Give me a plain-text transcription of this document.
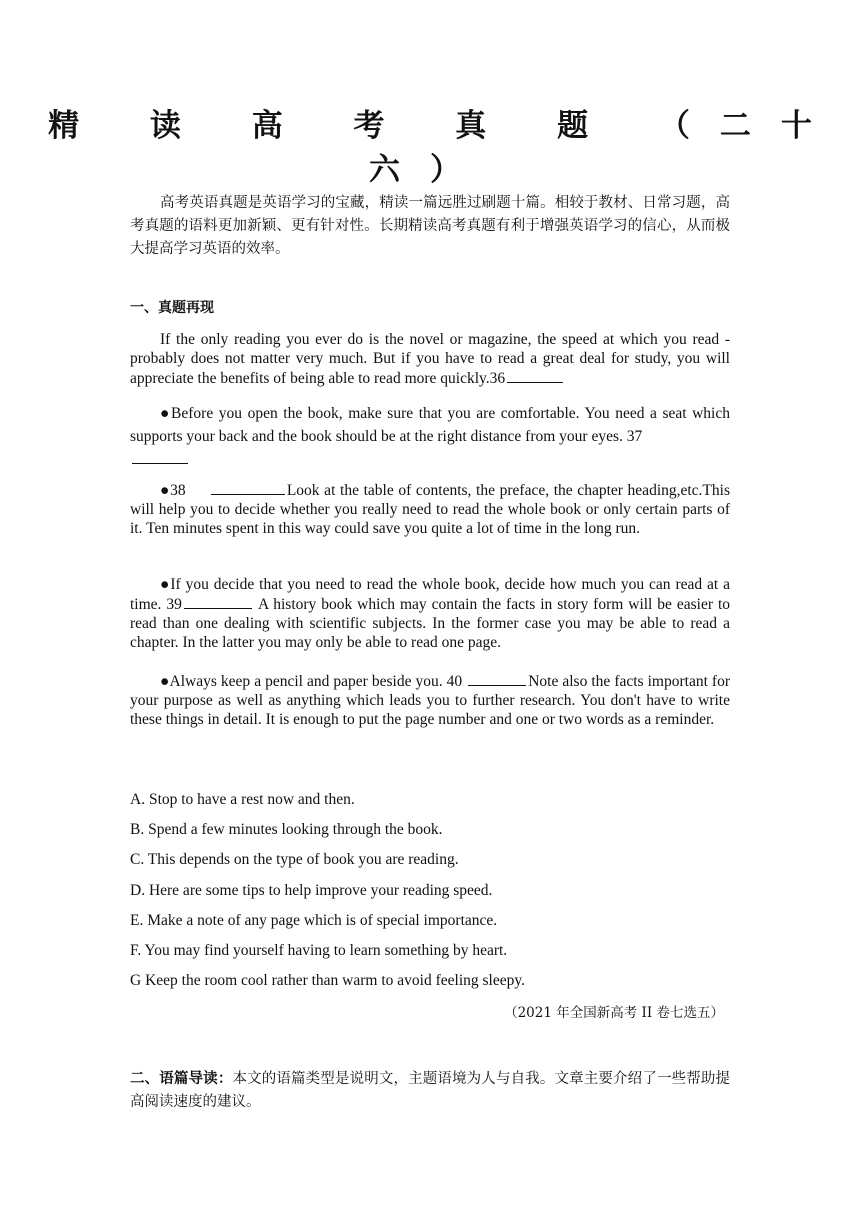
精 读 高 考 真 题 （二十六）
高考英语真题是英语学习的宝藏，精读一篇远胜过刷题十篇。相较于教材、日常习题，高考真题的语料更加新颖、更有针对性。长期精读高考真题有利于增强英语学习的信心，从而极大提高学习英语的效率。
一、真题再现
If the only reading you ever do is the novel or magazine, the speed at which you read -probably does not matter very much. But if you have to read a great deal for study, you will appreciate the benefits of being able to read more quickly.36
●Before you open the book, make sure that you are comfortable. You need a seat which supports your back and the book should be at the right distance from your eyes. 37

●38	Look at the table of contents, the preface, the chapter heading,etc.This will help you to decide whether you really need to read the whole book or only certain parts of it. Ten minutes spent in this way could save you quite a lot of time in the long run.
●If you decide that you need to read the whole book, decide how much you can read at a time. 39	A history book which may contain the facts in story form will be easier to read than one dealing with scientific subjects. In the former case you may be able to read a chapter. In the latter you may only be able to read one page.
●Always keep a pencil and paper beside you. 40	Note also the facts important for your purpose as well as anything which leads you to further research. You don't have to write these things in detail. It is enough to put the page number and one or two words as a reminder.
A. Stop to have a rest now and then.
B. Spend a few minutes looking through the book.
C. This depends on the type of book you are reading.
D. Here are some tips to help improve your reading speed.
E. Make a note of any page which is of special importance.
F. You may find yourself having to learn something by heart.
G Keep the room cool rather than warm to avoid feeling sleepy.
（2021 年全国新高考 II 卷七选五）
二、语篇导读：本文的语篇类型是说明文，主题语境为人与自我。文章主要介绍了一些帮助提高阅读速度的建议。
